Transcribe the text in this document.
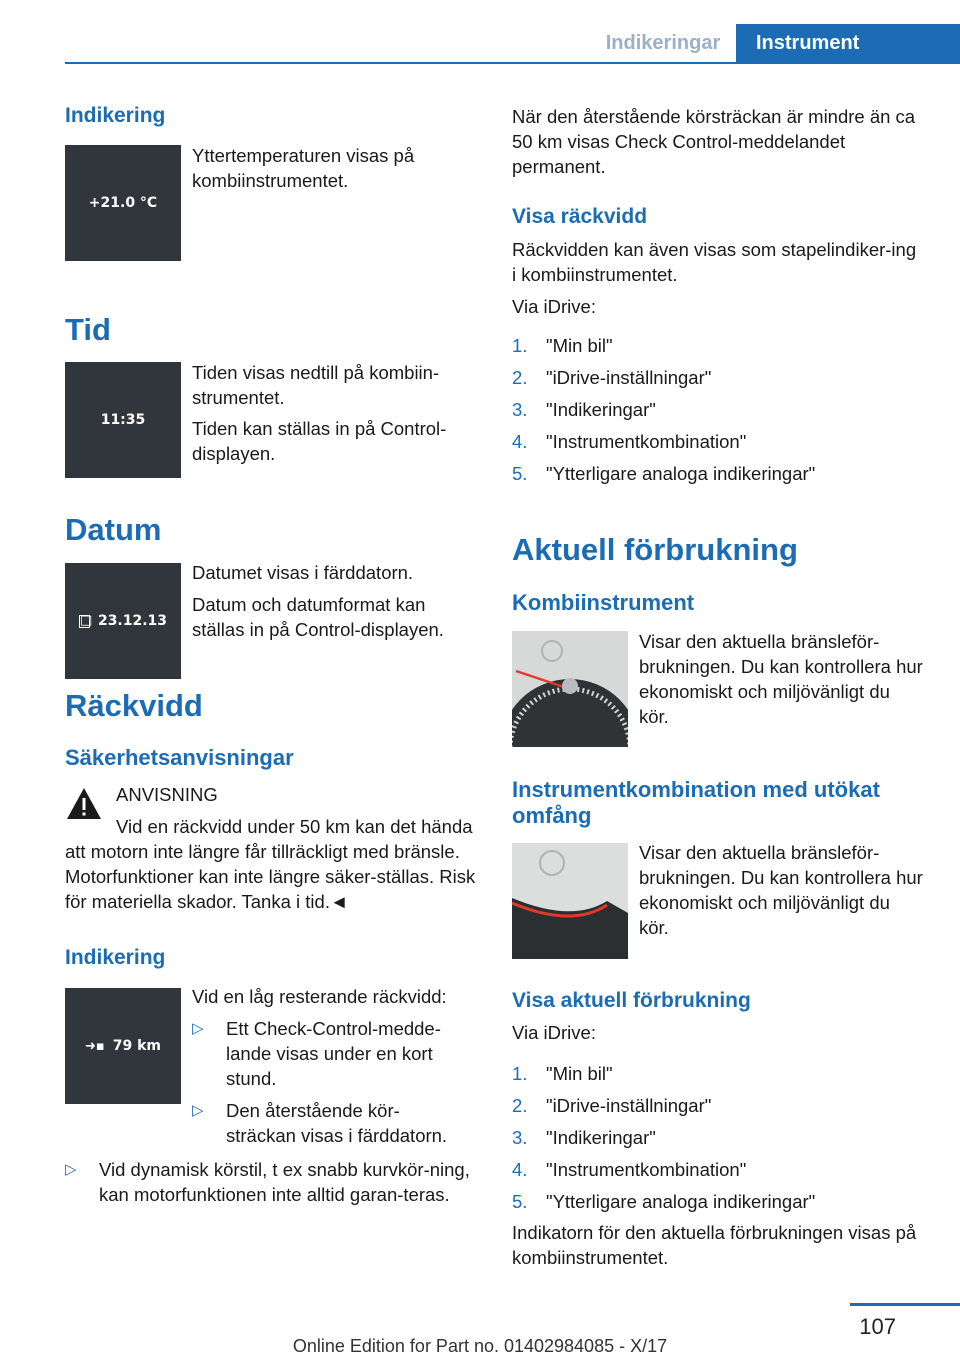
Indikeringar	Instrument
Indikering
+21.0 °C
Yttertemperaturen visas på kombiinstrumentet.
Tid
11:35
Tiden visas nedtill på kombiin-strumentet.
Tiden kan ställas in på Control-displayen.
Datum
□ 23.12.13
Datumet visas i färddatorn.
Datum och datumformat kan ställas in på Control-displayen.
Räckvidd
Säkerhetsanvisningar
ANVISNING
Vid en räckvidd under 50 km kan det hända att motorn inte längre får tillräckligt med bränsle. Motorfunktioner kan inte längre säker-ställas. Risk för materiella skador. Tanka i tid.◄
Indikering
➜▪ 79 km
Vid en låg resterande räckvidd:
▷	Ett Check-Control-medde-lande visas under en kort stund.
▷	Den återstående kör-sträckan visas i färddatorn.
▷	Vid dynamisk körstil, t ex snabb kurvkör-ning, kan motorfunktionen inte alltid garan-teras.
När den återstående körsträckan är mindre än ca 50 km visas Check Control-meddelandet permanent.
Visa räckvidd
Räckvidden kan även visas som stapelindiker-ing i kombiinstrumentet.
Via iDrive:
1. "Min bil"
2. "iDrive-inställningar"
3. "Indikeringar"
4. "Instrumentkombination"
5. "Ytterligare analoga indikeringar"
Aktuell förbrukning
Kombiinstrument
Visar den aktuella bränsleför-brukningen. Du kan kontrollera hur ekonomiskt och miljövänligt du kör.
Instrumentkombination med utökat omfång
Visar den aktuella bränsleför-brukningen. Du kan kontrollera hur ekonomiskt och miljövänligt du kör.
Visa aktuell förbrukning
Via iDrive:
1. "Min bil"
2. "iDrive-inställningar"
3. "Indikeringar"
4. "Instrumentkombination"
5. "Ytterligare analoga indikeringar"
Indikatorn för den aktuella förbrukningen visas på kombiinstrumentet.
107
Online Edition for Part no. 01402984085 - X/17
